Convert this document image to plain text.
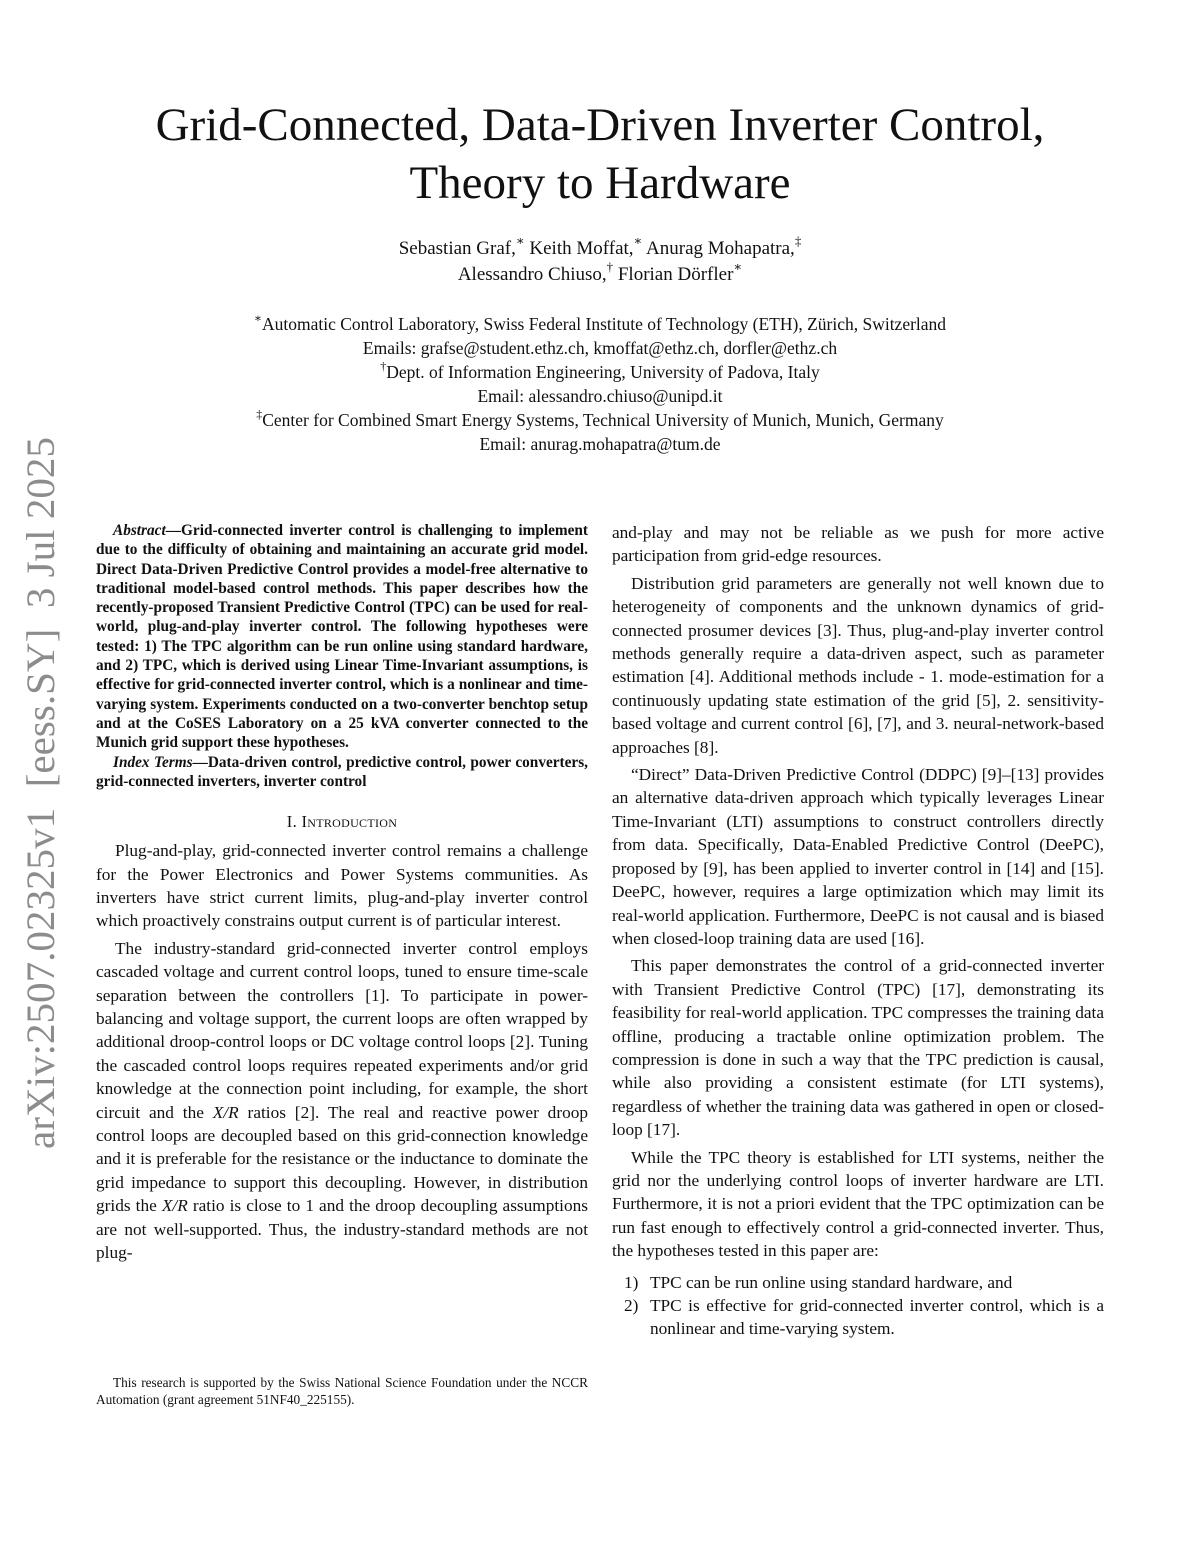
arXiv:2507.02325v1  [eess.SY]  3 Jul 2025
Grid-Connected, Data-Driven Inverter Control,
Theory to Hardware
Sebastian Graf,∗ Keith Moffat,∗ Anurag Mohapatra,‡
Alessandro Chiuso,† Florian Dörfler∗
∗Automatic Control Laboratory, Swiss Federal Institute of Technology (ETH), Zürich, Switzerland
Emails: grafse@student.ethz.ch, kmoffat@ethz.ch, dorfler@ethz.ch
†Dept. of Information Engineering, University of Padova, Italy
Email: alessandro.chiuso@unipd.it
‡Center for Combined Smart Energy Systems, Technical University of Munich, Munich, Germany
Email: anurag.mohapatra@tum.de

Abstract—Grid-connected inverter control is challenging to implement due to the difficulty of obtaining and maintaining an accurate grid model. Direct Data-Driven Predictive Control provides a model-free alternative to traditional model-based control methods. This paper describes how the recently-proposed Transient Predictive Control (TPC) can be used for real-world, plug-and-play inverter control. The following hypotheses were tested: 1) The TPC algorithm can be run online using standard hardware, and 2) TPC, which is derived using Linear Time-Invariant assumptions, is effective for grid-connected inverter control, which is a nonlinear and time-varying system. Experiments conducted on a two-converter benchtop setup and at the CoSES Laboratory on a 25 kVA converter connected to the Munich grid support these hypotheses.

Index Terms—Data-driven control, predictive control, power converters, grid-connected inverters, inverter control

I. Introduction

Plug-and-play, grid-connected inverter control remains a challenge for the Power Electronics and Power Systems communities. As inverters have strict current limits, plug-and-play inverter control which proactively constrains output current is of particular interest.

The industry-standard grid-connected inverter control employs cascaded voltage and current control loops, tuned to ensure time-scale separation between the controllers [1]. To participate in power-balancing and voltage support, the current loops are often wrapped by additional droop-control loops or DC voltage control loops [2]. Tuning the cascaded control loops requires repeated experiments and/or grid knowledge at the connection point including, for example, the short circuit and the X/R ratios [2]. The real and reactive power droop control loops are decoupled based on this grid-connection knowledge and it is preferable for the resistance or the inductance to dominate the grid impedance to support this decoupling. However, in distribution grids the X/R ratio is close to 1 and the droop decoupling assumptions are not well-supported. Thus, the industry-standard methods are not plug-

This research is supported by the Swiss National Science Foundation under the NCCR Automation (grant agreement 51NF40_225155).

and-play and may not be reliable as we push for more active participation from grid-edge resources.

Distribution grid parameters are generally not well known due to heterogeneity of components and the unknown dynamics of grid-connected prosumer devices [3]. Thus, plug-and-play inverter control methods generally require a data-driven aspect, such as parameter estimation [4]. Additional methods include - 1. mode-estimation for a continuously updating state estimation of the grid [5], 2. sensitivity-based voltage and current control [6], [7], and 3. neural-network-based approaches [8].

“Direct” Data-Driven Predictive Control (DDPC) [9]–[13] provides an alternative data-driven approach which typically leverages Linear Time-Invariant (LTI) assumptions to construct controllers directly from data. Specifically, Data-Enabled Predictive Control (DeePC), proposed by [9], has been applied to inverter control in [14] and [15]. DeePC, however, requires a large optimization which may limit its real-world application. Furthermore, DeePC is not causal and is biased when closed-loop training data are used [16].

This paper demonstrates the control of a grid-connected inverter with Transient Predictive Control (TPC) [17], demonstrating its feasibility for real-world application. TPC compresses the training data offline, producing a tractable online optimization problem. The compression is done in such a way that the TPC prediction is causal, while also providing a consistent estimate (for LTI systems), regardless of whether the training data was gathered in open or closed-loop [17].

While the TPC theory is established for LTI systems, neither the grid nor the underlying control loops of inverter hardware are LTI. Furthermore, it is not a priori evident that the TPC optimization can be run fast enough to effectively control a grid-connected inverter. Thus, the hypotheses tested in this paper are:

1) TPC can be run online using standard hardware, and
2) TPC is effective for grid-connected inverter control, which is a nonlinear and time-varying system.
